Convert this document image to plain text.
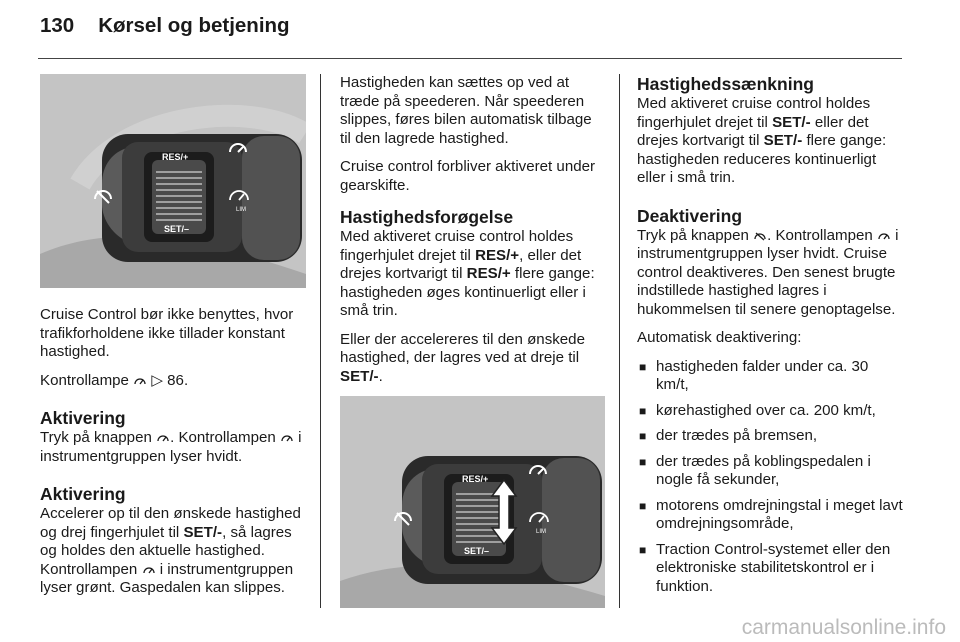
130 Kørsel og betjening
RES/+
SET/–
LIM

Cruise Control bør ikke benyttes, hvor trafikforholdene ikke tillader konstant hastighed.

Kontrollampe ▷ 86.

Aktivering

Tryk på knappen . Kontrollampen  i instrumentgruppen lyser hvidt.

Aktivering

Accelerer op til den ønskede hastighed og drej fingerhjulet til SET/-, så lagres og holdes den aktuelle hastighed. Kontrollampen  i instrumentgruppen lyser grønt. Gaspedalen kan slippes.

Hastigheden kan sættes op ved at træde på speederen. Når speederen slippes, føres bilen automatisk tilbage til den lagrede hastighed.

Cruise control forbliver aktiveret under gearskifte.

Hastighedsforøgelse

Med aktiveret cruise control holdes fingerhjulet drejet til RES/+, eller det drejes kortvarigt til RES/+ flere gange: hastigheden øges kontinuerligt eller i små trin.

Eller der accelereres til den ønskede hastighed, der lagres ved at dreje til SET/-.

RES/+
SET/–
LIM
Hastighedssænkning

Med aktiveret cruise control holdes fingerhjulet drejet til SET/- eller det drejes kortvarigt til SET/- flere gange: hastigheden reduceres kontinuerligt eller i små trin.

Deaktivering

Tryk på knappen . Kontrollampen  i instrumentgruppen lyser hvidt. Cruise control deaktiveres. Den senest brugte indstillede hastighed lagres i hukommelsen til senere genoptagelse.

Automatisk deaktivering:

■ hastigheden falder under ca. 30 km/t,
■ kørehastighed over ca. 200 km/t,
■ der trædes på bremsen,
■ der trædes på koblingspedalen i nogle få sekunder,
■ motorens omdrejningstal i meget lavt omdrejningsområde,
■ Traction Control-systemet eller den elektroniske stabilitetskontrol er i funktion.
carmanualsonline.info
